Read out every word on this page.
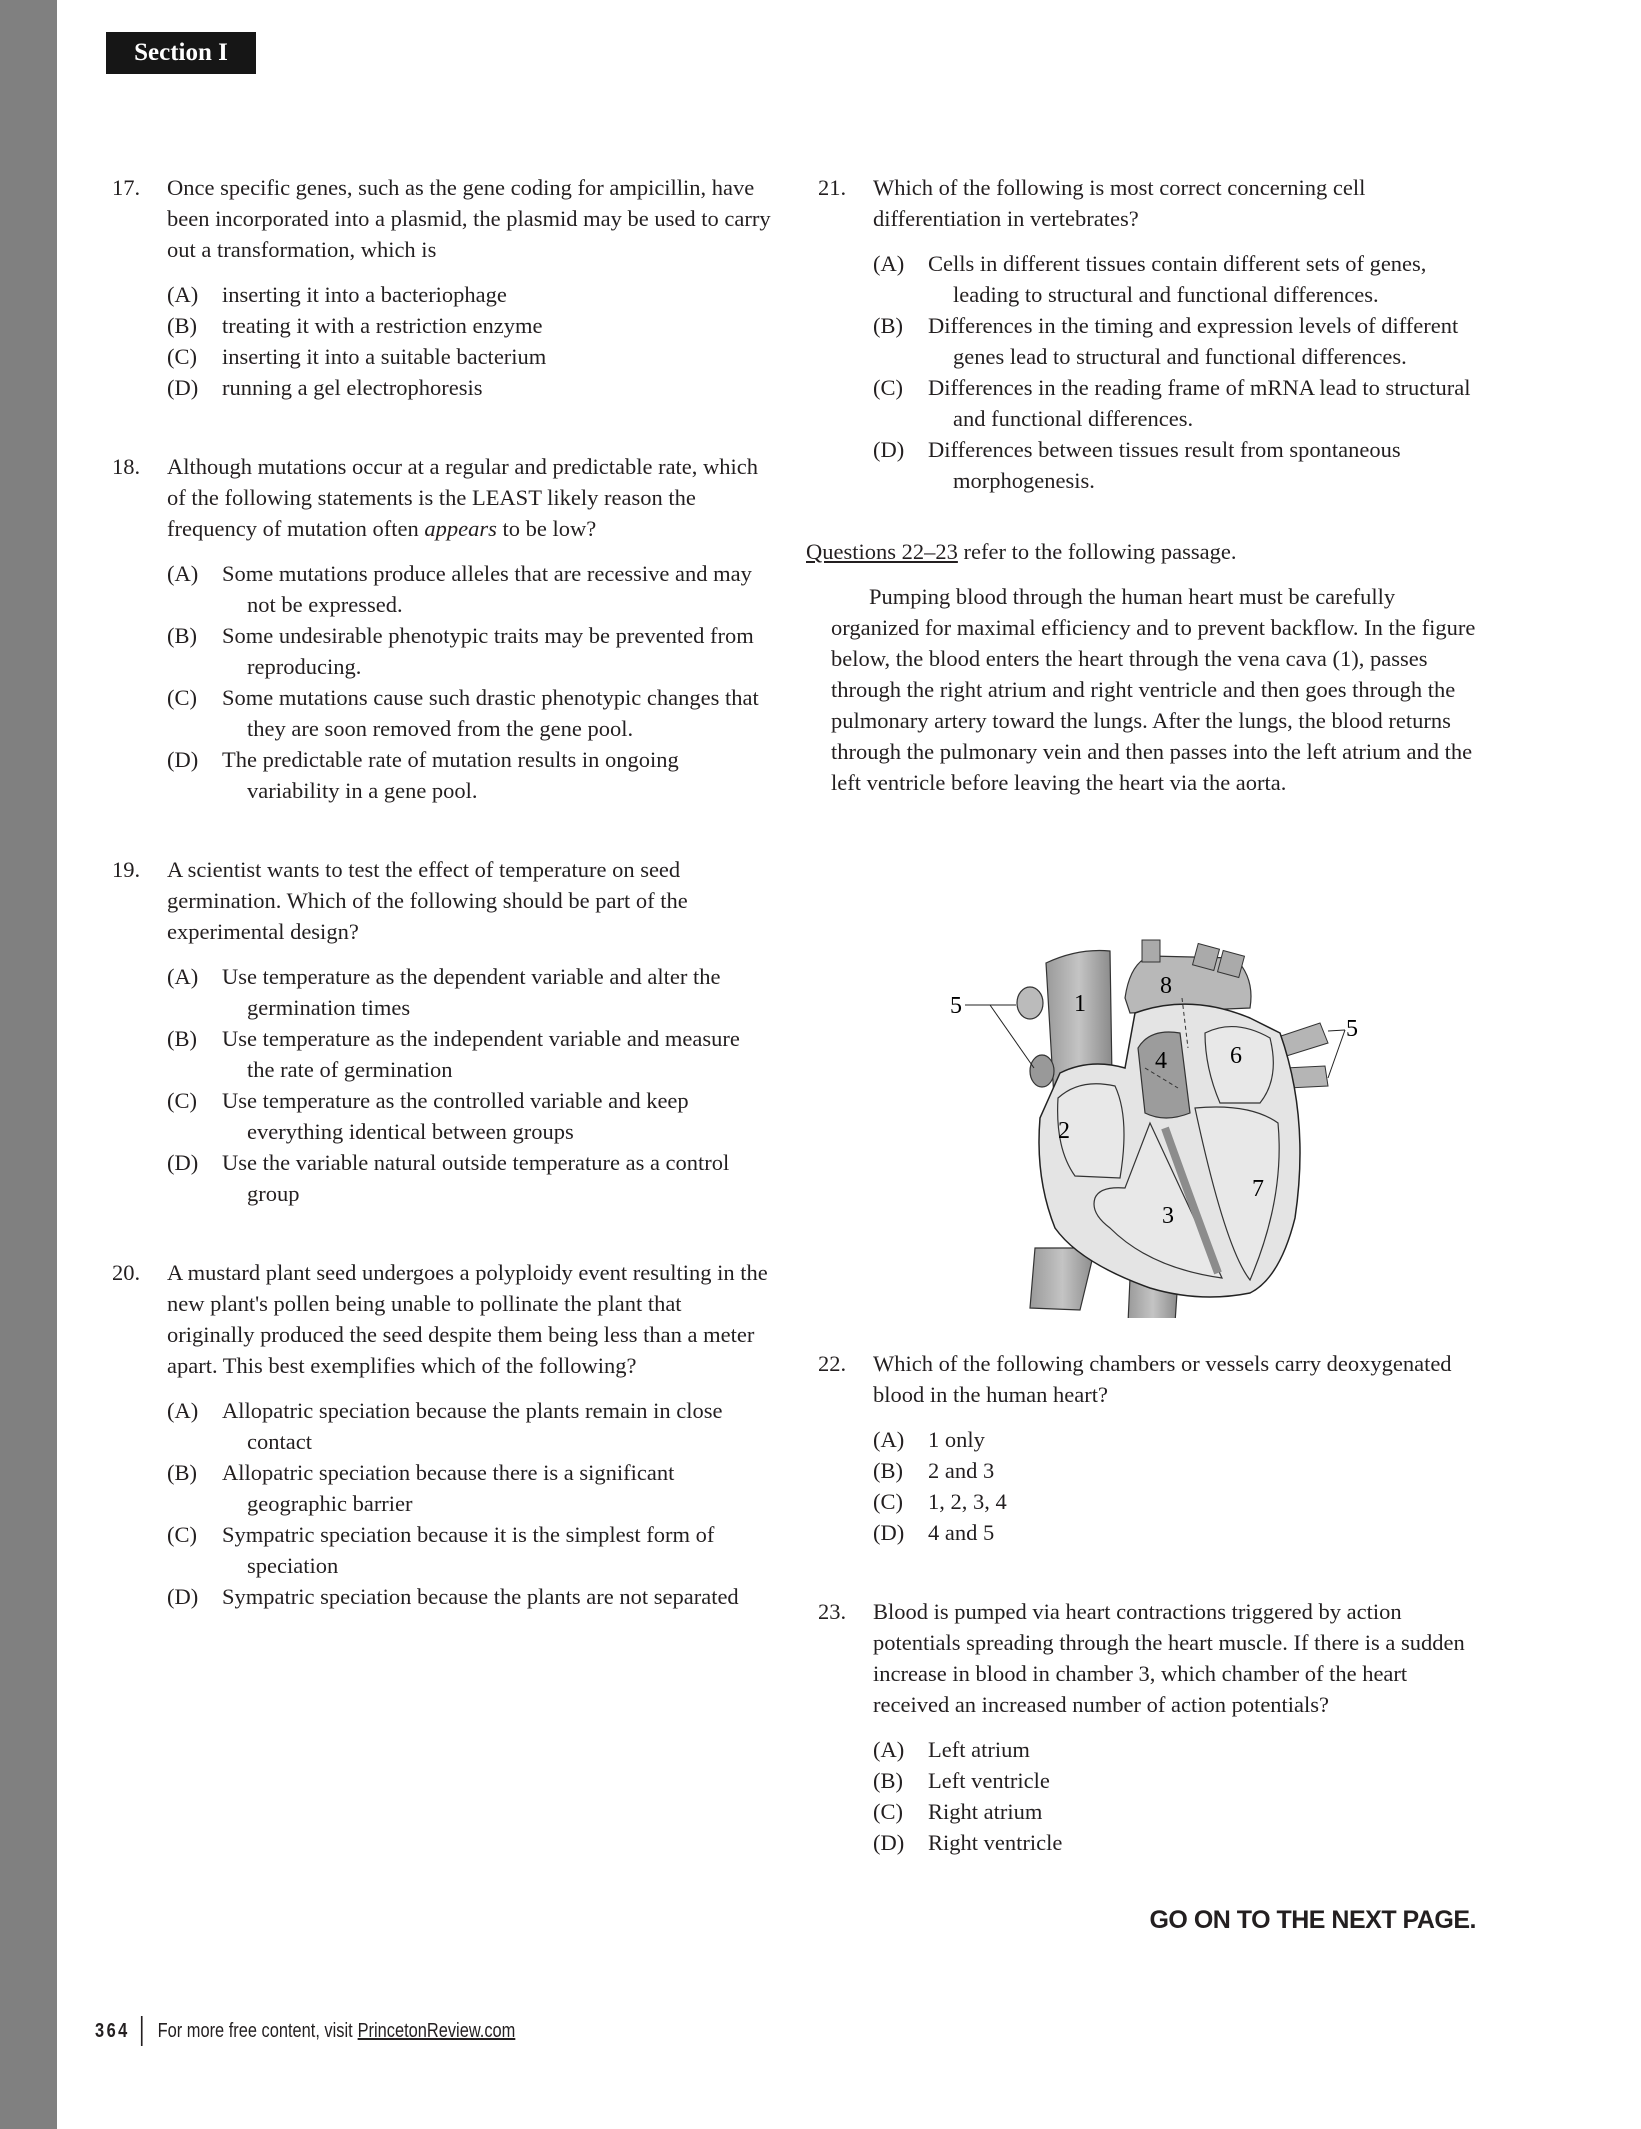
Section I
17. Once specific genes, such as the gene coding for ampicillin, have been incorporated into a plasmid, the plasmid may be used to carry out a transformation, which is
(A) inserting it into a bacteriophage
(B) treating it with a restriction enzyme
(C) inserting it into a suitable bacterium
(D) running a gel electrophoresis
18. Although mutations occur at a regular and predictable rate, which of the following statements is the LEAST likely reason the frequency of mutation often appears to be low?
(A) Some mutations produce alleles that are recessive and may not be expressed.
(B) Some undesirable phenotypic traits may be prevented from reproducing.
(C) Some mutations cause such drastic phenotypic changes that they are soon removed from the gene pool.
(D) The predictable rate of mutation results in ongoing variability in a gene pool.
19. A scientist wants to test the effect of temperature on seed germination. Which of the following should be part of the experimental design?
(A) Use temperature as the dependent variable and alter the germination times
(B) Use temperature as the independent variable and measure the rate of germination
(C) Use temperature as the controlled variable and keep everything identical between groups
(D) Use the variable natural outside temperature as a control group
20. A mustard plant seed undergoes a polyploidy event resulting in the new plant's pollen being unable to pollinate the plant that originally produced the seed despite them being less than a meter apart. This best exemplifies which of the following?
(A) Allopatric speciation because the plants remain in close contact
(B) Allopatric speciation because there is a significant geographic barrier
(C) Sympatric speciation because it is the simplest form of speciation
(D) Sympatric speciation because the plants are not separated
21. Which of the following is most correct concerning cell differentiation in vertebrates?
(A) Cells in different tissues contain different sets of genes, leading to structural and functional differences.
(B) Differences in the timing and expression levels of different genes lead to structural and functional differences.
(C) Differences in the reading frame of mRNA lead to structural and functional differences.
(D) Differences between tissues result from spontaneous morphogenesis.
Questions 22–23 refer to the following passage.
Pumping blood through the human heart must be carefully organized for maximal efficiency and to prevent backflow. In the figure below, the blood enters the heart through the vena cava (1), passes through the right atrium and right ventricle and then goes through the pulmonary artery toward the lungs. After the lungs, the blood returns through the pulmonary vein and then passes into the left atrium and the left ventricle before leaving the heart via the aorta.
1
2
3
4
5
6
7
8
5
22. Which of the following chambers or vessels carry deoxygenated blood in the human heart?
(A) 1 only
(B) 2 and 3
(C) 1, 2, 3, 4
(D) 4 and 5
23. Blood is pumped via heart contractions triggered by action potentials spreading through the heart muscle. If there is a sudden increase in blood in chamber 3, which chamber of the heart received an increased number of action potentials?
(A) Left atrium
(B) Left ventricle
(C) Right atrium
(D) Right ventricle
GO ON TO THE NEXT PAGE.
364 For more free content, visit PrincetonReview.com
